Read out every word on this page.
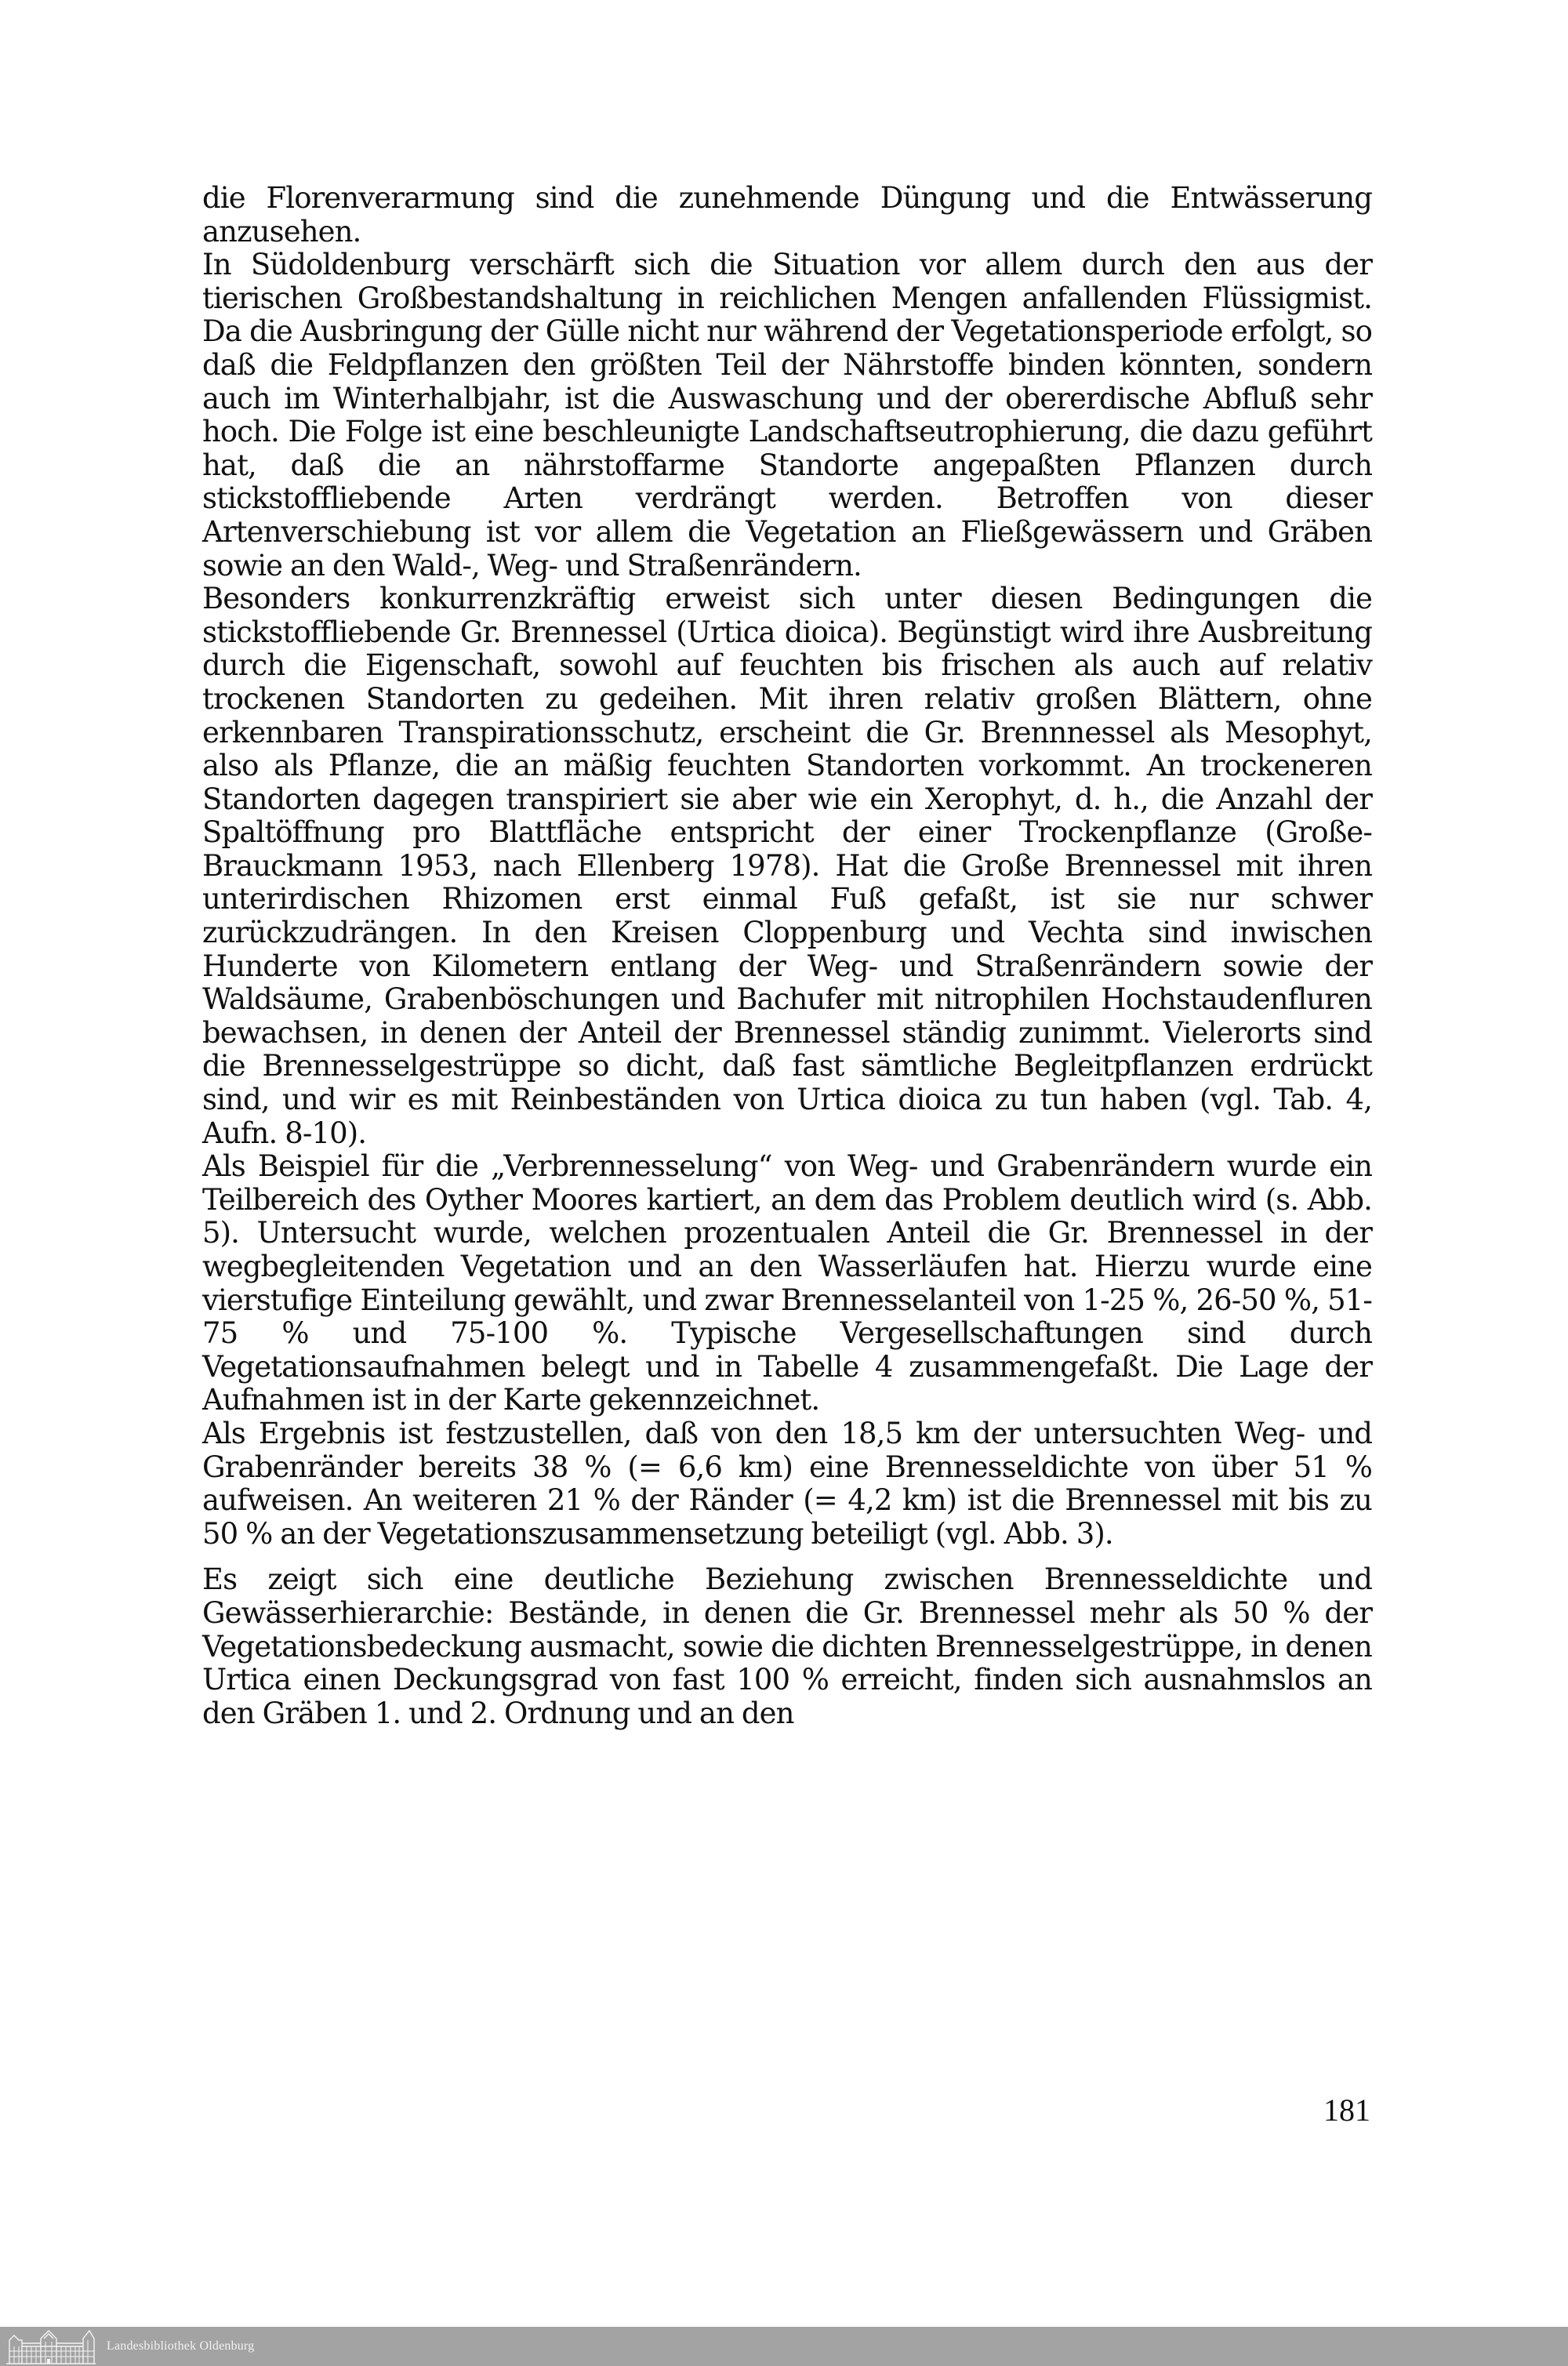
die Florenverarmung sind die zunehmende Düngung und die Entwässerung anzusehen.

In Südoldenburg verschärft sich die Situation vor allem durch den aus der tierischen Großbestandshaltung in reichlichen Mengen anfallenden Flüssigmist. Da die Ausbringung der Gülle nicht nur während der Vegetationsperiode erfolgt, so daß die Feldpflanzen den größten Teil der Nährstoffe binden könnten, sondern auch im Winterhalbjahr, ist die Auswaschung und der obererdische Abfluß sehr hoch. Die Folge ist eine beschleunigte Landschaftseutrophierung, die dazu geführt hat, daß die an nährstoffarme Standorte angepaßten Pflanzen durch stickstoffliebende Arten verdrängt werden. Betroffen von dieser Artenverschiebung ist vor allem die Vegetation an Fließgewässern und Gräben sowie an den Wald-, Weg- und Straßenrändern.

Besonders konkurrenzkräftig erweist sich unter diesen Bedingungen die stickstoffliebende Gr. Brennessel (Urtica dioica). Begünstigt wird ihre Ausbreitung durch die Eigenschaft, sowohl auf feuchten bis frischen als auch auf relativ trockenen Standorten zu gedeihen. Mit ihren relativ großen Blättern, ohne erkennbaren Transpirationsschutz, erscheint die Gr. Brennnessel als Mesophyt, also als Pflanze, die an mäßig feuchten Standorten vorkommt. An trockeneren Standorten dagegen transpiriert sie aber wie ein Xerophyt, d. h., die Anzahl der Spaltöffnung pro Blattfläche entspricht der einer Trockenpflanze (Große-Brauckmann 1953, nach Ellenberg 1978). Hat die Große Brennessel mit ihren unterirdischen Rhizomen erst einmal Fuß gefaßt, ist sie nur schwer zurückzudrängen. In den Kreisen Cloppenburg und Vechta sind inwischen Hunderte von Kilometern entlang der Weg- und Straßenrändern sowie der Waldsäume, Grabenböschungen und Bachufer mit nitrophilen Hochstaudenfluren bewachsen, in denen der Anteil der Brennessel ständig zunimmt. Vielerorts sind die Brennesselgestrüppe so dicht, daß fast sämtliche Begleitpflanzen erdrückt sind, und wir es mit Reinbeständen von Urtica dioica zu tun haben (vgl. Tab. 4, Aufn. 8-10).

Als Beispiel für die „Verbrennesselung“ von Weg- und Grabenrändern wurde ein Teilbereich des Oyther Moores kartiert, an dem das Problem deutlich wird (s. Abb. 5). Untersucht wurde, welchen prozentualen Anteil die Gr. Brennessel in der wegbegleitenden Vegetation und an den Wasserläufen hat. Hierzu wurde eine vierstufige Einteilung gewählt, und zwar Brennesselanteil von 1-25 %, 26-50 %, 51-75 % und 75-100 %. Typische Vergesellschaftungen sind durch Vegetationsaufnahmen belegt und in Tabelle 4 zusammengefaßt. Die Lage der Aufnahmen ist in der Karte gekennzeichnet.

Als Ergebnis ist festzustellen, daß von den 18,5 km der untersuchten Weg- und Grabenränder bereits 38 % (= 6,6 km) eine Brennesseldichte von über 51 % aufweisen. An weiteren 21 % der Ränder (= 4,2 km) ist die Brennessel mit bis zu 50 % an der Vegetationszusammensetzung beteiligt (vgl. Abb. 3).

Es zeigt sich eine deutliche Beziehung zwischen Brennesseldichte und Gewässerhierarchie: Bestände, in denen die Gr. Brennessel mehr als 50 % der Vegetationsbedeckung ausmacht, sowie die dichten Brennesselgestrüppe, in denen Urtica einen Deckungsgrad von fast 100 % erreicht, finden sich ausnahmslos an den Gräben 1. und 2. Ordnung und an den

181
Landesbibliothek Oldenburg
